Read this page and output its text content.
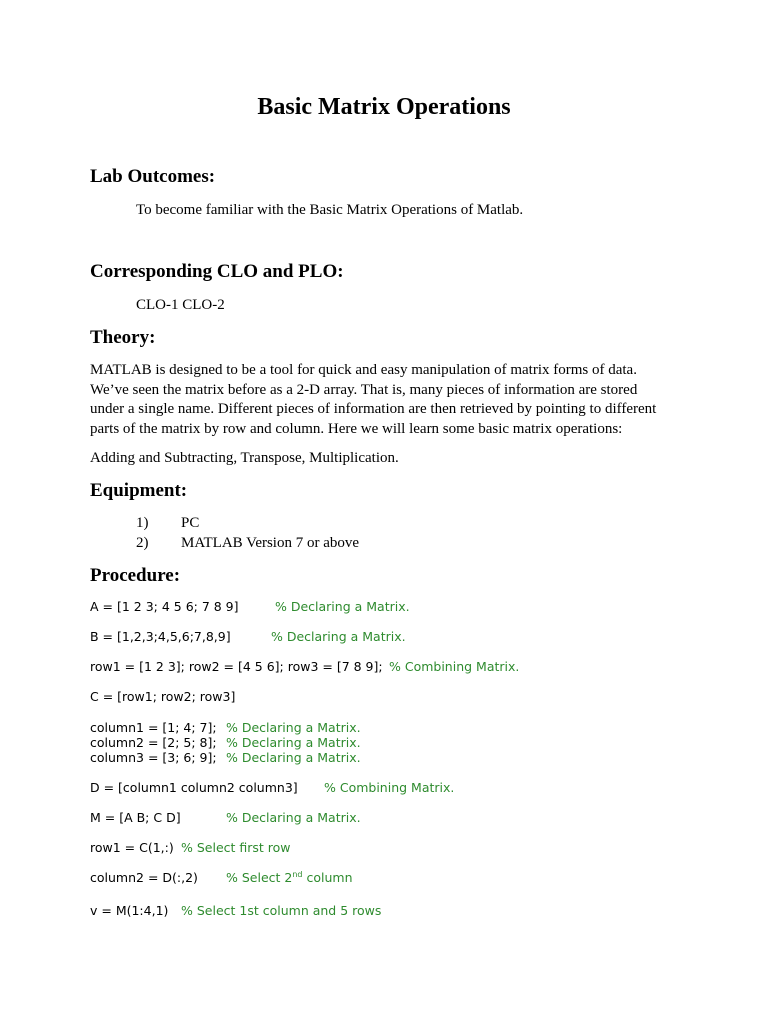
Basic Matrix Operations
Lab Outcomes:
To become familiar with the Basic Matrix Operations of Matlab.
Corresponding CLO and PLO:
CLO-1 CLO-2
Theory:
MATLAB is designed to be a tool for quick and easy manipulation of matrix forms of data. We’ve seen the matrix before as a 2-D array. That is, many pieces of information are stored under a single name. Different pieces of information are then retrieved by pointing to different parts of the matrix by row and column. Here we will learn some basic matrix operations:
Adding and Subtracting, Transpose, Multiplication.
Equipment:
1) PC
2) MATLAB Version 7 or above
Procedure:
A = [1 2 3; 4 5 6; 7 8 9]	% Declaring a Matrix.
B = [1,2,3;4,5,6;7,8,9]	% Declaring a Matrix.
row1 = [1 2 3]; row2 = [4 5 6]; row3 = [7 8 9]; % Combining Matrix.
C = [row1; row2; row3]
column1 = [1; 4; 7]; % Declaring a Matrix.
column2 = [2; 5; 8]; % Declaring a Matrix.
column3 = [3; 6; 9]; % Declaring a Matrix.
D = [column1 column2 column3] % Combining Matrix.
M = [A B; C D]	% Declaring a Matrix.
row1 = C(1,:) % Select first row
column2 = D(:,2) % Select 2nd column
v = M(1:4,1) % Select 1st column and 5 rows
